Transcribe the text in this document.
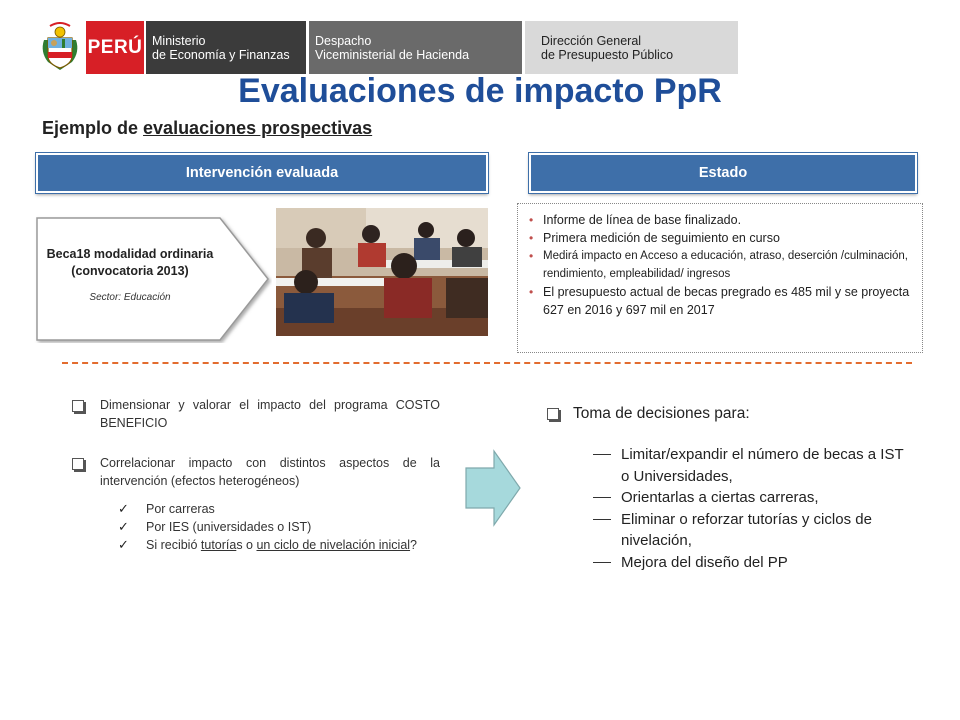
PERÚ Ministerio
de Economía y Finanzas
Despacho
Viceministerial de Hacienda
Dirección General
de Presupuesto Público
Evaluaciones de impacto PpR
Ejemplo de evaluaciones prospectivas
Intervención evaluada	Estado
Beca18 modalidad ordinaria
(convocatoria 2013)
Sector: Educación
• Informe de línea de base finalizado.
• Primera medición de seguimiento en curso
• Medirá impacto en Acceso a educación, atraso, deserción /culminación, rendimiento, empleabilidad/ ingresos
• El presupuesto actual de becas pregrado es 485 mil y se proyecta 627 en 2016 y 697 mil en 2017
Dimensionar y valorar el impacto del programa COSTO BENEFICIO
Correlacionar impacto con distintos aspectos de la intervención (efectos heterogéneos)
✓ Por carreras
✓ Por IES (universidades o IST)
✓ Si recibió tutorías o un ciclo de nivelación inicial?
Toma de decisiones para:
Limitar/expandir el número de becas a IST o Universidades,
Orientarlas a ciertas carreras,
Eliminar o reforzar tutorías y ciclos de nivelación,
Mejora del diseño del PP
